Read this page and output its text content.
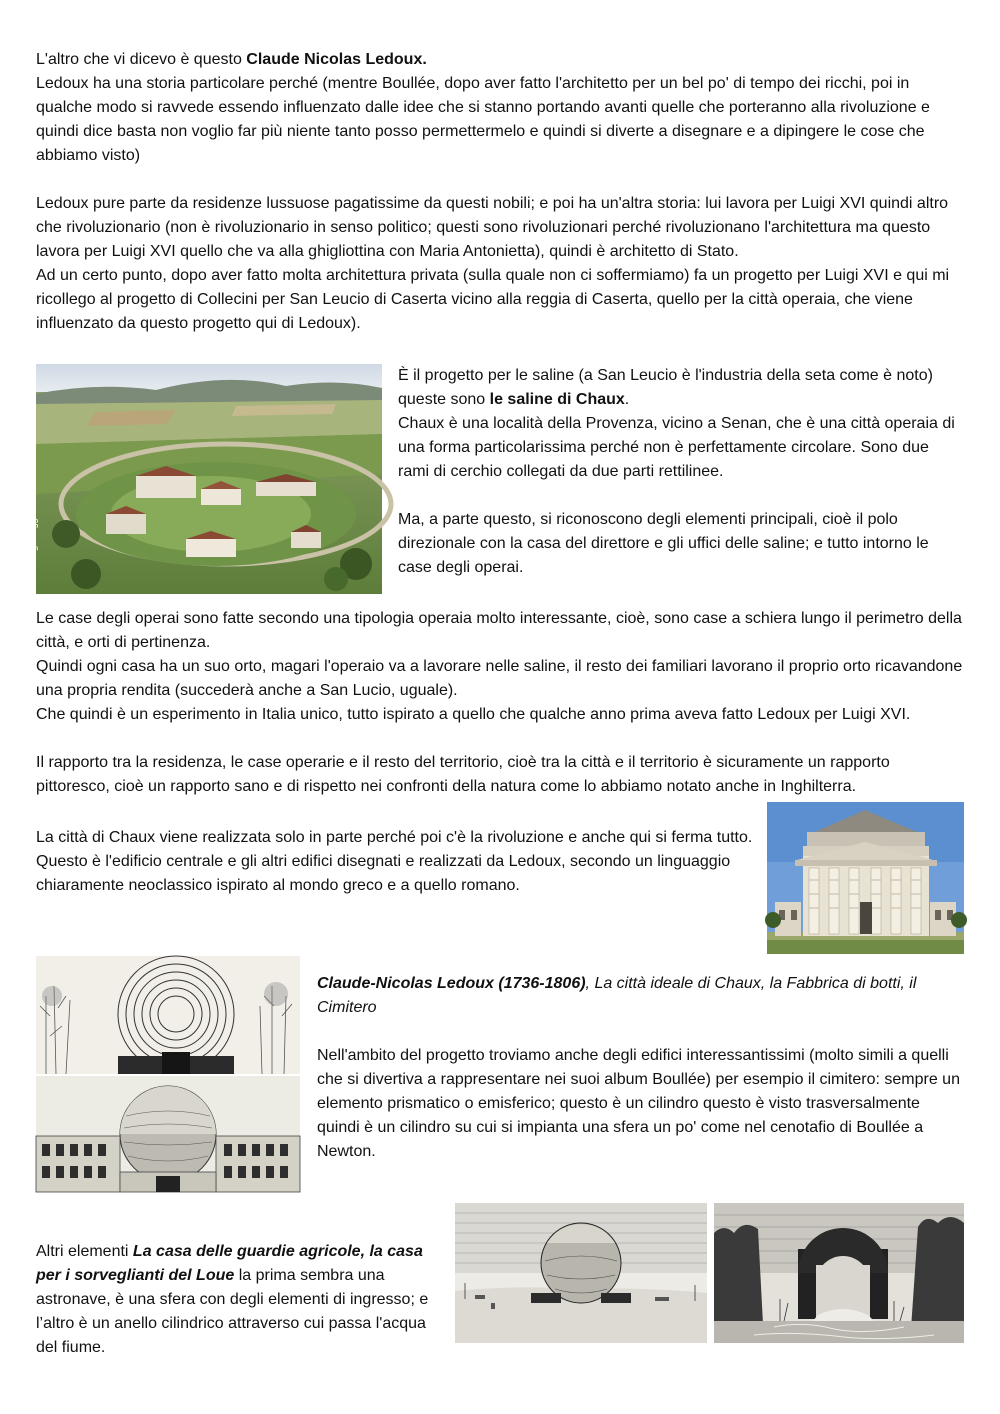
L'altro che vi dicevo è questo Claude Nicolas Ledoux.

Ledoux ha una storia particolare perché (mentre Boullée, dopo aver fatto l'architetto per un bel po' di tempo dei ricchi, poi in qualche modo si ravvede essendo influenzato dalle idee che si stanno portando avanti quelle che porteranno alla rivoluzione e quindi dice basta non voglio far più niente tanto posso permettermelo e quindi si diverte a disegnare e a dipingere le cose che abbiamo visto)

Ledoux pure parte da residenze lussuose pagatissime da questi nobili; e poi ha un'altra storia: lui lavora per Luigi XVI quindi altro che rivoluzionario (non è rivoluzionario in senso politico; questi sono rivoluzionari perché rivoluzionano l'architettura ma questo lavora per Luigi XVI quello che va alla ghigliottina con Maria Antonietta), quindi è architetto di Stato.

Ad un certo punto, dopo aver fatto molta architettura privata (sulla quale non ci soffermiamo) fa un progetto per Luigi XVI e qui mi ricollego al progetto di Collecini per San Leucio di Caserta vicino alla reggia di Caserta, quello per la città operaia, che viene influenzato da questo progetto qui di Ledoux).

© g.abegg

È il progetto per le saline (a San Leucio è l'industria della seta come è noto) queste sono le saline di Chaux.

Chaux è una località della Provenza, vicino a Senan, che è una città operaia di una forma particolarissima perché non è perfettamente circolare. Sono due rami di cerchio collegati da due parti rettilinee.

Ma, a parte questo, si riconoscono degli elementi principali, cioè il polo direzionale con la casa del direttore e gli uffici delle saline; e tutto intorno le case degli operai.

Le case degli operai sono fatte secondo una tipologia operaia molto interessante, cioè, sono case a schiera lungo il perimetro della città, e orti di pertinenza.

Quindi ogni casa ha un suo orto, magari l'operaio va a lavorare nelle saline, il resto dei familiari lavorano il proprio orto ricavandone una propria rendita (succederà anche a San Lucio, uguale).

Che quindi è un esperimento in Italia unico, tutto ispirato a quello che qualche anno prima aveva fatto Ledoux per Luigi XVI.

Il rapporto tra la residenza, le case operarie e il resto del territorio, cioè tra la città e il territorio è sicuramente un rapporto pittoresco, cioè un rapporto sano e di rispetto nei confronti della natura come lo abbiamo notato anche in Inghilterra.

La città di Chaux viene realizzata solo in parte perché poi c'è la rivoluzione e anche qui si ferma tutto.

Questo è l'edificio centrale e gli altri edifici disegnati e realizzati da Ledoux, secondo un linguaggio chiaramente neoclassico ispirato al mondo greco e a quello romano.

Claude-Nicolas Ledoux (1736-1806), La città ideale di Chaux, la Fabbrica di botti, il Cimitero

Nell'ambito del progetto troviamo anche degli edifici interessantissimi (molto simili a quelli che si divertiva a rappresentare nei suoi album Boullée) per esempio il cimitero: sempre un elemento prismatico o emisferico; questo è un cilindro questo è visto trasversalmente quindi è un cilindro su cui si impianta una sfera un po' come nel cenotafio di Boullée a Newton.

Altri elementi La casa delle guardie agricole, la casa per i sorveglianti del Loue la prima sembra una astronave, è una sfera con degli elementi di ingresso; e l’altro è un anello cilindrico attraverso cui passa l'acqua del fiume.
